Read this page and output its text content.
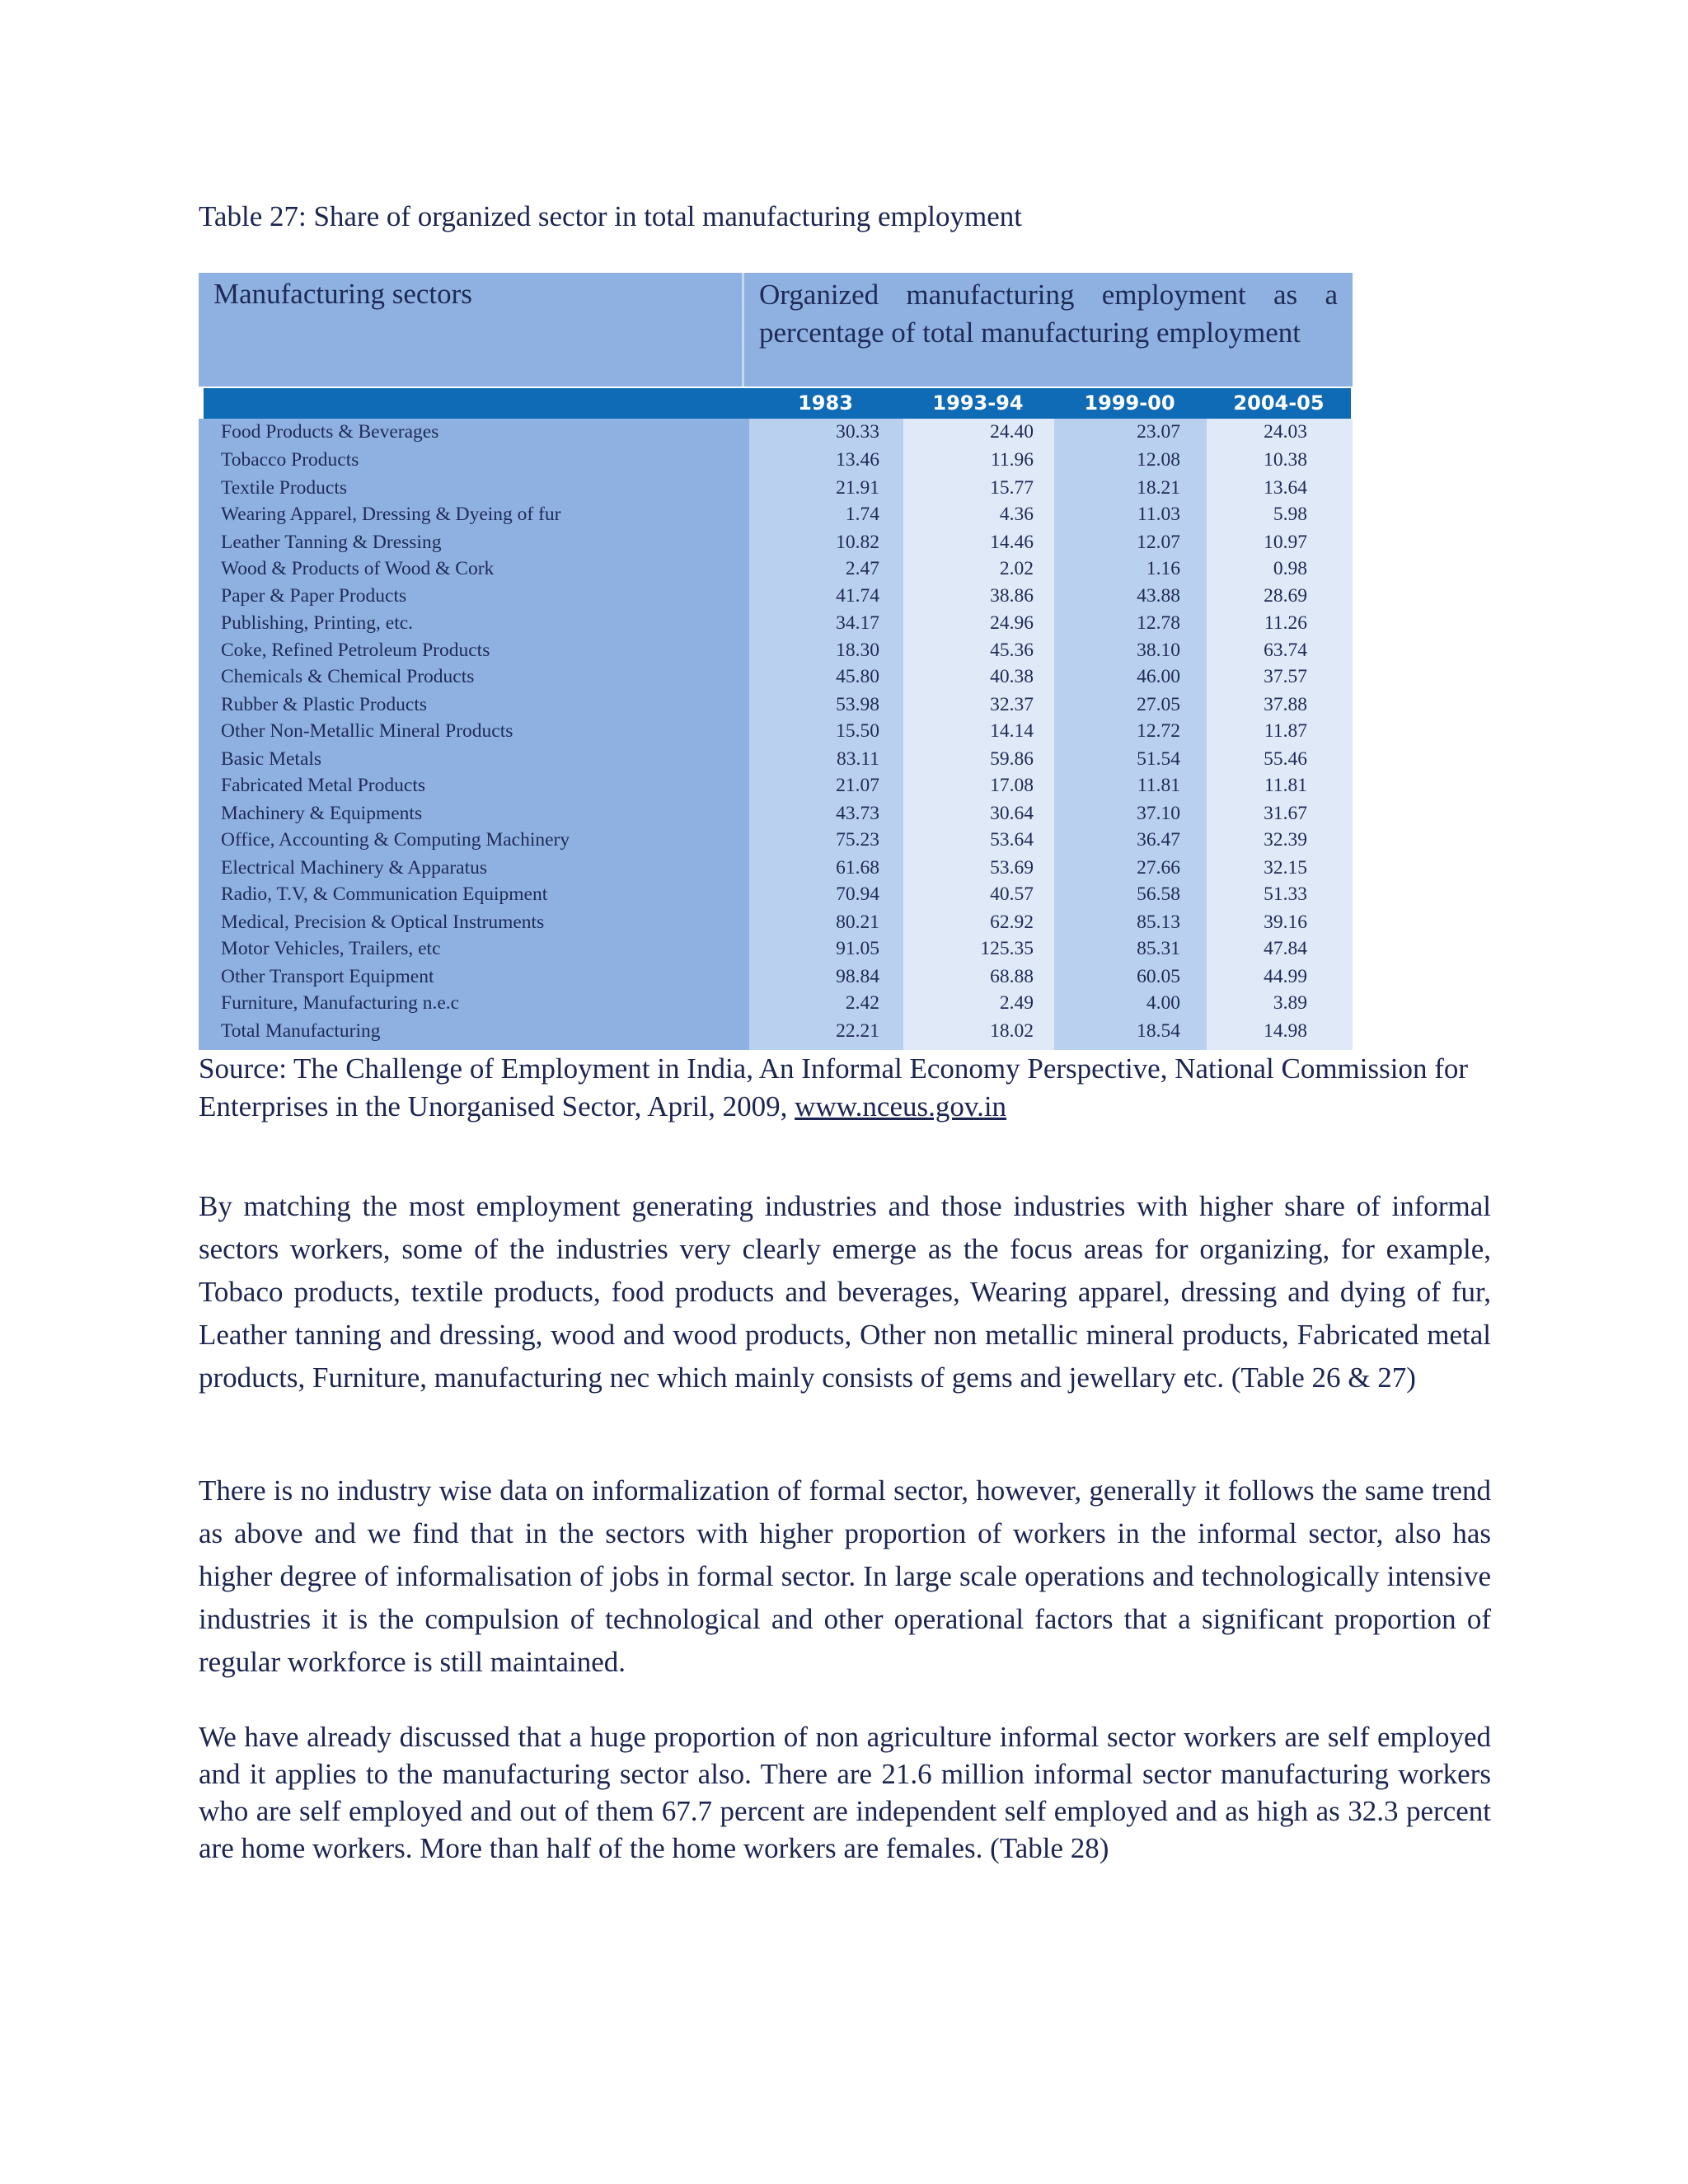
Table 27: Share of organized sector in total manufacturing employment
Manufacturing sectors	Organized manufacturing employment as a percentage of total manufacturing employment
1983	1993-94	1999-00	2004-05
Food Products & Beverages	30.33	24.40	23.07	24.03
Tobacco Products	13.46	11.96	12.08	10.38
Textile Products	21.91	15.77	18.21	13.64
Wearing Apparel, Dressing & Dyeing of fur	1.74	4.36	11.03	5.98
Leather Tanning & Dressing	10.82	14.46	12.07	10.97
Wood & Products of Wood & Cork	2.47	2.02	1.16	0.98
Paper & Paper Products	41.74	38.86	43.88	28.69
Publishing, Printing, etc.	34.17	24.96	12.78	11.26
Coke, Refined Petroleum Products	18.30	45.36	38.10	63.74
Chemicals & Chemical Products	45.80	40.38	46.00	37.57
Rubber & Plastic Products	53.98	32.37	27.05	37.88
Other Non-Metallic Mineral Products	15.50	14.14	12.72	11.87
Basic Metals	83.11	59.86	51.54	55.46
Fabricated Metal Products	21.07	17.08	11.81	11.81
Machinery & Equipments	43.73	30.64	37.10	31.67
Office, Accounting & Computing Machinery	75.23	53.64	36.47	32.39
Electrical Machinery & Apparatus	61.68	53.69	27.66	32.15
Radio, T.V, & Communication Equipment	70.94	40.57	56.58	51.33
Medical, Precision & Optical Instruments	80.21	62.92	85.13	39.16
Motor Vehicles, Trailers, etc	91.05	125.35	85.31	47.84
Other Transport Equipment	98.84	68.88	60.05	44.99
Furniture, Manufacturing n.e.c	2.42	2.49	4.00	3.89
Total Manufacturing	22.21	18.02	18.54	14.98
Source: The Challenge of Employment in India, An Informal Economy Perspective, National Commission for Enterprises in the Unorganised Sector, April, 2009, www.nceus.gov.in

By matching the most employment generating industries and those industries with higher share of informal sectors workers, some of the industries very clearly emerge as the focus areas for organizing, for example, Tobaco products, textile products, food products and beverages, Wearing apparel, dressing and dying of fur, Leather tanning and dressing, wood and wood products, Other non metallic mineral products, Fabricated metal products, Furniture, manufacturing nec which mainly consists of gems and jewellary etc. (Table 26 & 27)

There is no industry wise data on informalization of formal sector, however, generally it follows the same trend as above and we find that in the sectors with higher proportion of workers in the informal sector, also has higher degree of informalisation of jobs in formal sector. In large scale operations and technologically intensive industries it is the compulsion of technological and other operational factors that a significant proportion of regular workforce is still maintained.

We have already discussed that a huge proportion of non agriculture informal sector workers are self employed and it applies to the manufacturing sector also. There are 21.6 million informal sector manufacturing workers who are self employed and out of them 67.7 percent are independent self employed and as high as 32.3 percent are home workers. More than half of the home workers are females. (Table 28)
